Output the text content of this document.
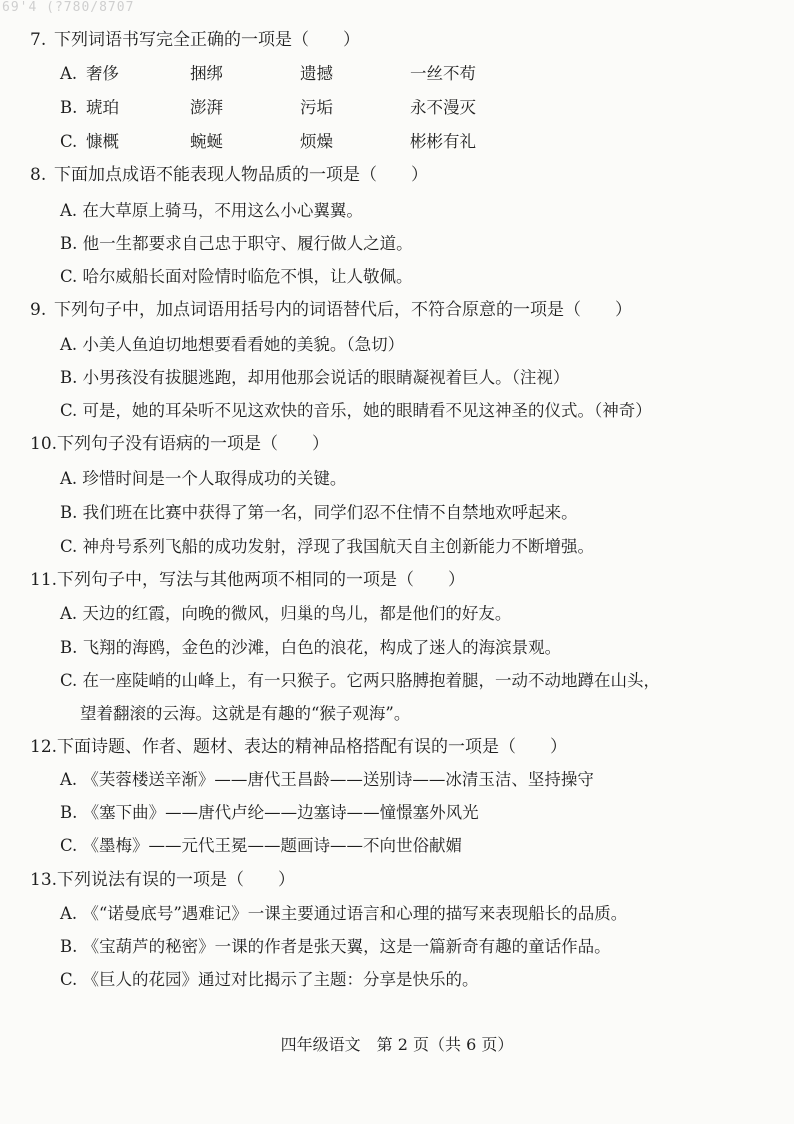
69'4 (?780/8707
7. 下列词语书写完全正确的一项是（　　）
A. 奢侈	捆绑	遗撼	一丝不苟
B. 琥珀	澎湃	污垢	永不漫灭
C. 慷概	蜿蜒	烦燥	彬彬有礼
8. 下面加点成语不能表现人物品质的一项是（　　）
A. 在大草原上骑马，不用这么小心翼翼。
B. 他一生都要求自己忠于职守、履行做人之道。
C. 哈尔威船长面对险情时临危不惧，让人敬佩。
9. 下列句子中，加点词语用括号内的词语替代后，不符合原意的一项是（　　）
A. 小美人鱼迫切地想要看看她的美貌。（急切）
B. 小男孩没有拔腿逃跑，却用他那会说话的眼睛凝视着巨人。（注视）
C. 可是，她的耳朵听不见这欢快的音乐，她的眼睛看不见这神圣的仪式。（神奇）
10.下列句子没有语病的一项是（　　）
A. 珍惜时间是一个人取得成功的关键。
B. 我们班在比赛中获得了第一名，同学们忍不住情不自禁地欢呼起来。
C. 神舟号系列飞船的成功发射，浮现了我国航天自主创新能力不断增强。
11.下列句子中，写法与其他两项不相同的一项是（　　）
A. 天边的红霞，向晚的微风，归巢的鸟儿，都是他们的好友。
B. 飞翔的海鸥，金色的沙滩，白色的浪花，构成了迷人的海滨景观。
C. 在一座陡峭的山峰上，有一只猴子。它两只胳膊抱着腿，一动不动地蹲在山头，
望着翻滚的云海。这就是有趣的“猴子观海”。
12.下面诗题、作者、题材、表达的精神品格搭配有误的一项是（　　）
A. 《芙蓉楼送辛渐》——唐代王昌龄——送别诗——冰清玉洁、坚持操守
B. 《塞下曲》——唐代卢纶——边塞诗——憧憬塞外风光
C. 《墨梅》——元代王冕——题画诗——不向世俗献媚
13.下列说法有误的一项是（　　）
A. 《“诺曼底号”遇难记》一课主要通过语言和心理的描写来表现船长的品质。
B. 《宝葫芦的秘密》一课的作者是张天翼，这是一篇新奇有趣的童话作品。
C. 《巨人的花园》通过对比揭示了主题：分享是快乐的。
四年级语文　第 2 页（共 6 页）
